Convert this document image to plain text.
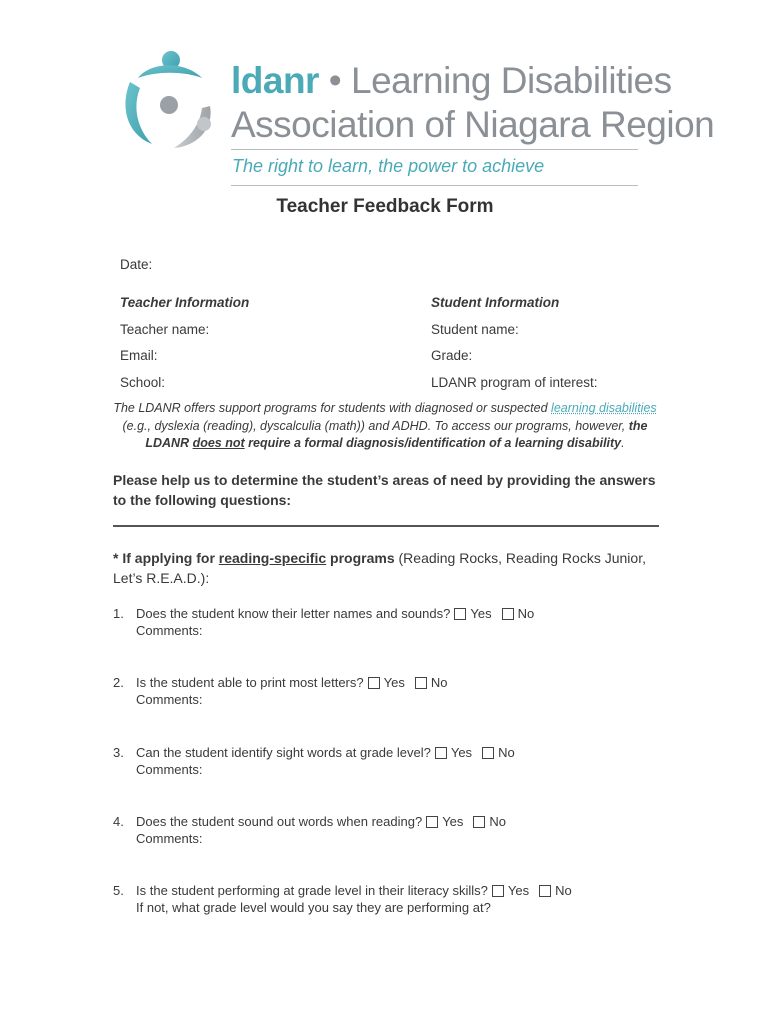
ldanr • Learning Disabilities
Association of Niagara Region
The right to learn, the power to achieve
Teacher Feedback Form
Date:
Teacher Information	Student Information
Teacher name:	Student name:
Email:	Grade:
School:	LDANR program of interest:
The LDANR offers support programs for students with diagnosed or suspected learning disabilities (e.g., dyslexia (reading), dyscalculia (math)) and ADHD. To access our programs, however, the LDANR does not require a formal diagnosis/identification of a learning disability.
Please help us to determine the student’s areas of need by providing the answers to the following questions:
* If applying for reading-specific programs (Reading Rocks, Reading Rocks Junior, Let’s R.E.A.D.):
1. Does the student know their letter names and sounds? Yes No
Comments:
2. Is the student able to print most letters? Yes No
Comments:
3. Can the student identify sight words at grade level? Yes No
Comments:
4. Does the student sound out words when reading? Yes No
Comments:
5. Is the student performing at grade level in their literacy skills? Yes No
If not, what grade level would you say they are performing at?
